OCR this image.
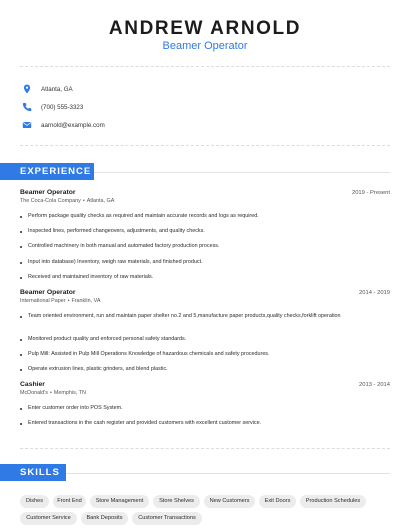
ANDREW ARNOLD
Beamer Operator
Atlanta, GA
(700) 555-3323
aarnold@example.com
EXPERIENCE
Beamer Operator	2019 - Present
The Coca-Cola Company • Atlanta, GA
Perform package quality checks as required and maintain accurate records and logs as required.
Inspected lines, performed changeovers, adjustments, and quality checks.
Controlled machinery in both manual and automated factory production process.
Input into database) Inventory, weigh raw materials, and finished product.
Received and maintained inventory of raw materials.
Beamer Operator	2014 - 2019
International Paper • Franklin, VA
Team oriented environment, run and maintain paper shelter no.2 and 5,manufacture paper products,quality checks,forklift operation
Monitored product quality and enforced personal safety standards.
Pulp Mill: Assisted in Pulp Mill Operations Knowledge of hazardous chemicals and safety procedures.
Operate extrusion lines, plastic grinders, and blend plastic.
Cashier	2013 - 2014
McDonald's • Memphis, TN
Enter customer order into POS System.
Entered transactions in the cash register and provided customers with excellent customer service.
SKILLS
Dishes	Front End	Store Management	Store Shelves	New Customers	Exit Doors	Production Schedules
Customer Service	Bank Deposits	Customer Transactions
